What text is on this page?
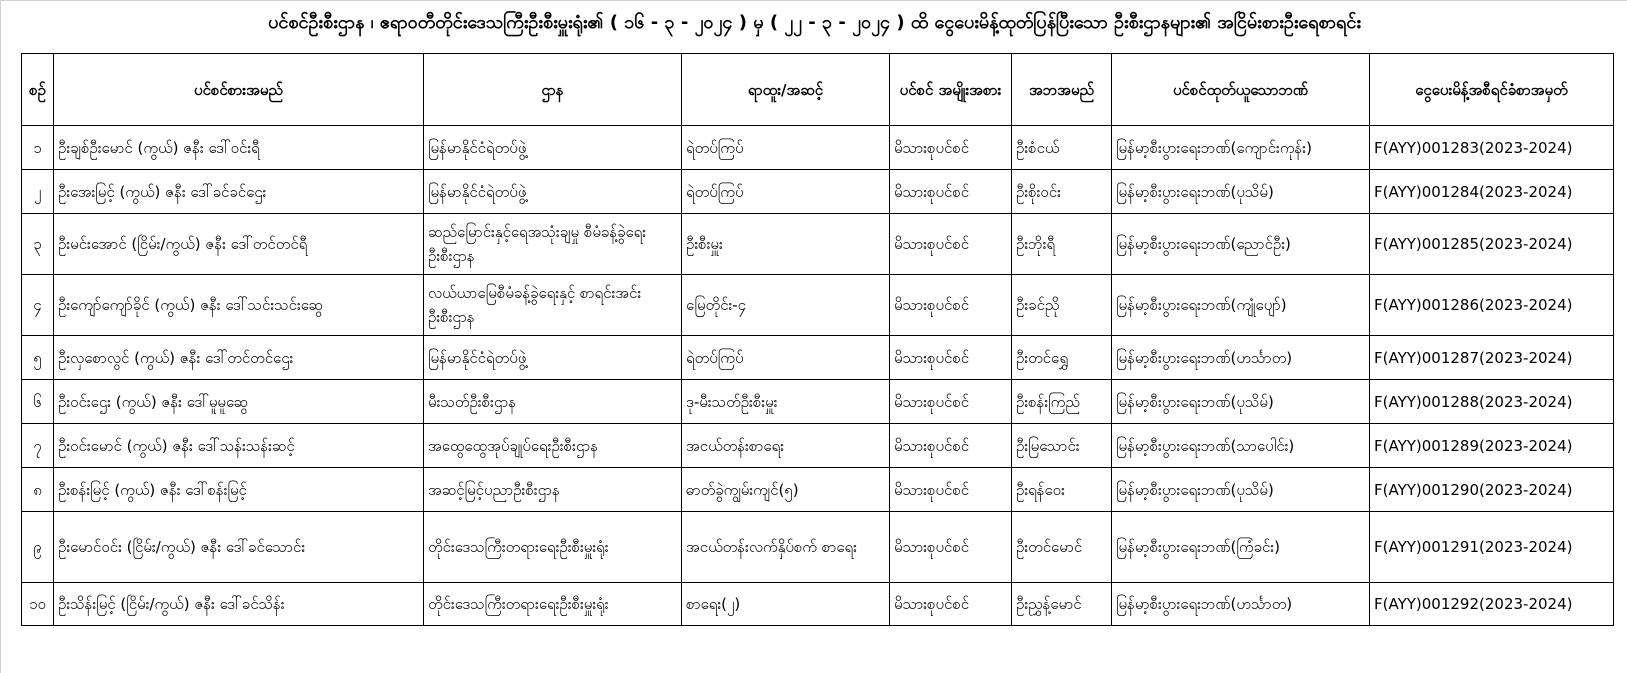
ပင်စင်ဦးစီးဌာန ၊ ဧရာဝတီတိုင်းဒေသကြီးဦးစီးမှူးရုံး၏ ( ၁၆ - ၃ - ၂၀၂၄ ) မှ ( ၂၂ - ၃ - ၂၀၂၄ ) ထိ ငွေပေးမိန့်ထုတ်ပြန်ပြီးသော ဦးစီးဌာနများ၏ အငြိမ်းစားဦးရေစာရင်း
စဉ်	ပင်စင်စားအမည်	ဌာန	ရာထူး/အဆင့်	ပင်စင် အမျိုးအစား	အဘအမည်	ပင်စင်ထုတ်ယူသောဘဏ်	ငွေပေးမိန့်အစီရင်ခံစာအမှတ်
၁	ဦးချစ်ဦးမောင် (ကွယ်) ဇနီး ဒေါ်ဝင်းရီ	မြန်မာနိုင်ငံရဲတပ်ဖွဲ့	ရဲတပ်ကြပ်	မိသားစုပင်စင်	ဦးစံငယ်	မြန်မာ့စီးပွားရေးဘဏ်(ကျောင်းကုန်း)	F(AYY)001283(2023-2024)
၂	ဦးအေးမြင့် (ကွယ်) ဇနီး ဒေါ်ခင်ခင်ဌေး	မြန်မာနိုင်ငံရဲတပ်ဖွဲ့	ရဲတပ်ကြပ်	မိသားစုပင်စင်	ဦးစိုးဝင်း	မြန်မာ့စီးပွားရေးဘဏ်(ပုသိမ်)	F(AYY)001284(2023-2024)
၃	ဦးမင်းအောင် (ငြိမ်း/ကွယ်) ဇနီး ဒေါ်တင်တင်ရီ	ဆည်မြောင်းနှင့်ရေအသုံးချမှု စီမံခန့်ခွဲရေးဦးစီးဌာန	ဦးစီးမှူး	မိသားစုပင်စင်	ဦးဘိုးရီ	မြန်မာ့စီးပွားရေးဘဏ်(ညောင်ဦး)	F(AYY)001285(2023-2024)
၄	ဦးကျော်ကျော်ခိုင် (ကွယ်) ဇနီး ဒေါ်သင်းသင်းဆွေ	လယ်ယာမြေစီမံခန့်ခွဲရေးနှင့် စာရင်းအင်းဦးစီးဌာန	မြေတိုင်း-၄	မိသားစုပင်စင်	ဦးခင်ညို	မြန်မာ့စီးပွားရေးဘဏ်(ကျုံပျော်)	F(AYY)001286(2023-2024)
၅	ဦးလှစောလွင် (ကွယ်) ဇနီး ဒေါ်တင်တင်ဌေး	မြန်မာနိုင်ငံရဲတပ်ဖွဲ့	ရဲတပ်ကြပ်	မိသားစုပင်စင်	ဦးတင်ရွှေ	မြန်မာ့စီးပွားရေးဘဏ်(ဟင်္သာတ)	F(AYY)001287(2023-2024)
၆	ဦးဝင်းဌေး (ကွယ်) ဇနီး ဒေါ်မူမူဆွေ	မီးသတ်ဦးစီးဌာန	ဒု-မီးသတ်ဦးစီးမှူး	မိသားစုပင်စင်	ဦးစန်းကြည်	မြန်မာ့စီးပွားရေးဘဏ်(ပုသိမ်)	F(AYY)001288(2023-2024)
၇	ဦးဝင်းမောင် (ကွယ်) ဇနီး ဒေါ်သန်းသန်းဆင့်	အထွေထွေအုပ်ချုပ်ရေးဦးစီးဌာန	အငယ်တန်းစာရေး	မိသားစုပင်စင်	ဦးမြသောင်း	မြန်မာ့စီးပွားရေးဘဏ်(သာပေါင်း)	F(AYY)001289(2023-2024)
၈	ဦးစန်းမြင့် (ကွယ်) ဇနီး ဒေါ်စန်းမြင့်	အဆင့်မြင့်ပညာဦးစီးဌာန	ဓာတ်ခွဲကျွမ်းကျင်(၅)	မိသားစုပင်စင်	ဦးရန်ဝေး	မြန်မာ့စီးပွားရေးဘဏ်(ပုသိမ်)	F(AYY)001290(2023-2024)
၉	ဦးမောင်ဝင်း (ငြိမ်း/ကွယ်) ဇနီး ဒေါ်ခင်သောင်း	တိုင်းဒေသကြီးတရားရေးဦးစီးမှူးရုံး	အငယ်တန်းလက်နှိပ်စက် စာရေး	မိသားစုပင်စင်	ဦးတင်မောင်	မြန်မာ့စီးပွားရေးဘဏ်(ကြံခင်း)	F(AYY)001291(2023-2024)
၁၀	ဦးသိန်းမြင့် (ငြိမ်း/ကွယ်) ဇနီး ဒေါ်ခင်သိန်း	တိုင်းဒေသကြီးတရားရေးဦးစီးမှူးရုံး	စာရေး(၂)	မိသားစုပင်စင်	ဦးညွှန့်မောင်	မြန်မာ့စီးပွားရေးဘဏ်(ဟင်္သာတ)	F(AYY)001292(2023-2024)
